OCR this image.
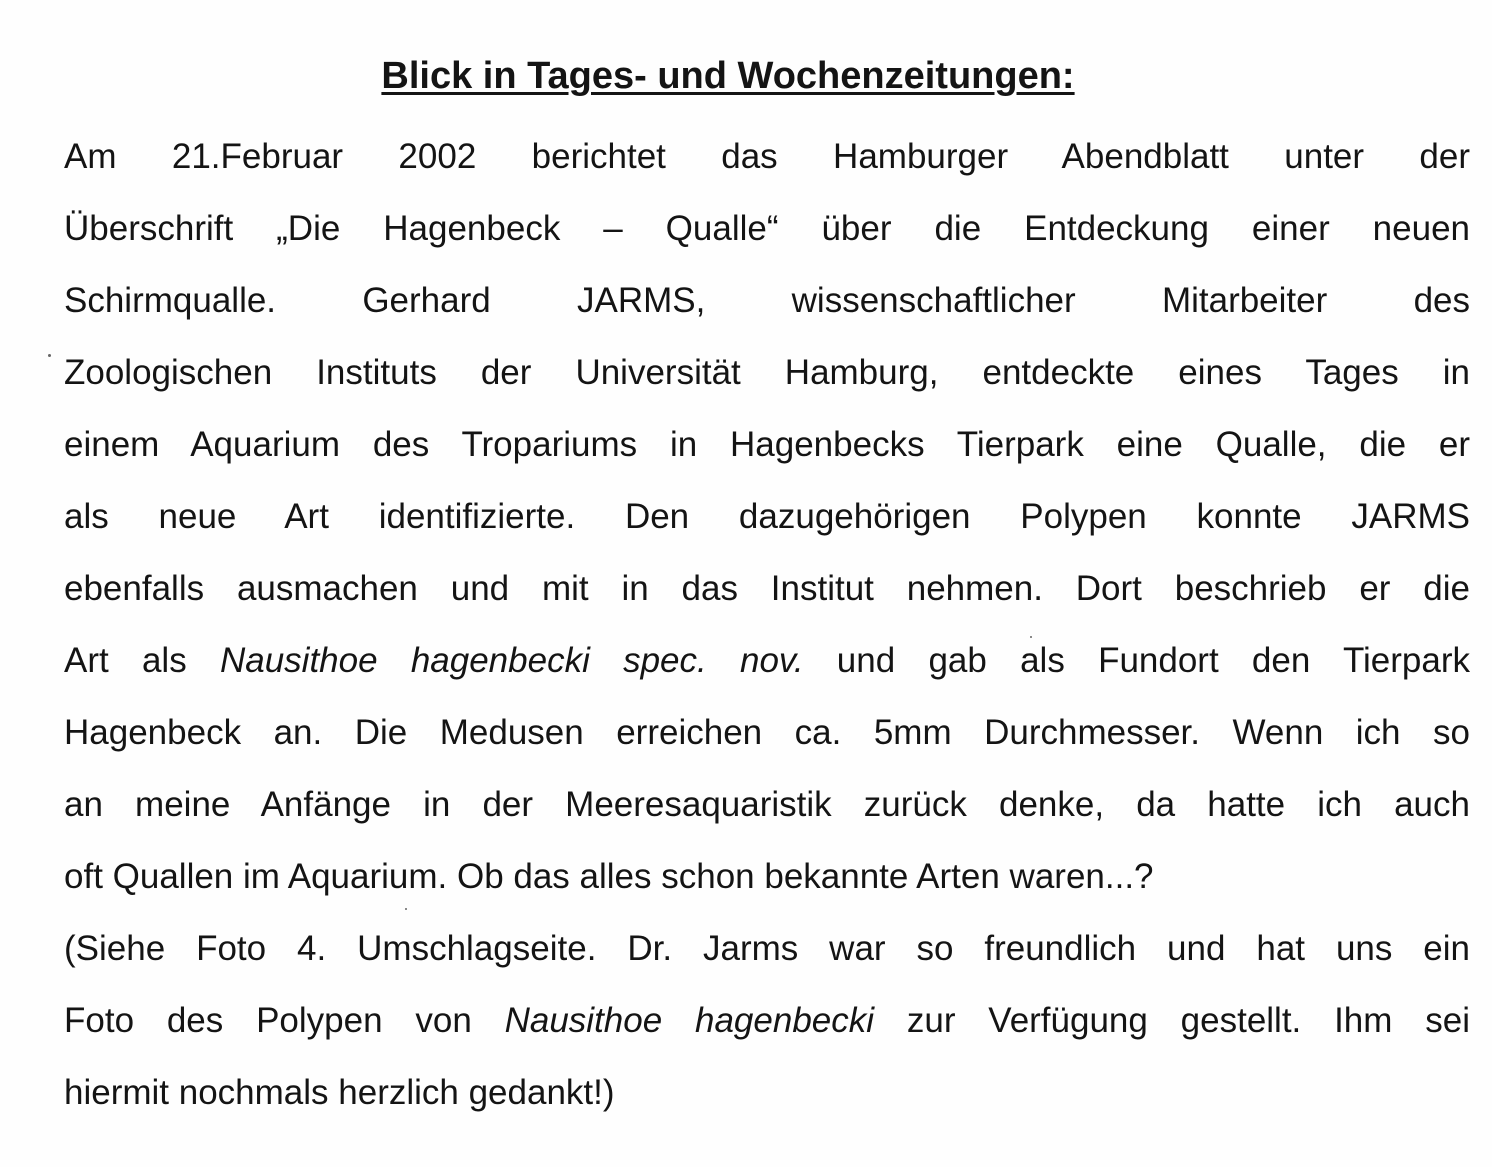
Blick in Tages- und Wochenzeitungen:
Am 21.Februar 2002 berichtet das Hamburger Abendblatt unter der
Überschrift „Die Hagenbeck – Qualle“ über die Entdeckung einer neuen
Schirmqualle. Gerhard JARMS, wissenschaftlicher Mitarbeiter des
Zoologischen Instituts der Universität Hamburg, entdeckte eines Tages in
einem Aquarium des Tropariums in Hagenbecks Tierpark eine Qualle, die er
als neue Art identifizierte. Den dazugehörigen Polypen konnte JARMS
ebenfalls ausmachen und mit in das Institut nehmen. Dort beschrieb er die
Art als Nausithoe hagenbecki spec. nov. und gab als Fundort den Tierpark
Hagenbeck an. Die Medusen erreichen ca. 5mm Durchmesser. Wenn ich so
an meine Anfänge in der Meeresaquaristik zurück denke, da hatte ich auch
oft Quallen im Aquarium. Ob das alles schon bekannte Arten waren...?
(Siehe Foto 4. Umschlagseite. Dr. Jarms war so freundlich und hat uns ein
Foto des Polypen von Nausithoe hagenbecki zur Verfügung gestellt. Ihm sei
hiermit nochmals herzlich gedankt!)
